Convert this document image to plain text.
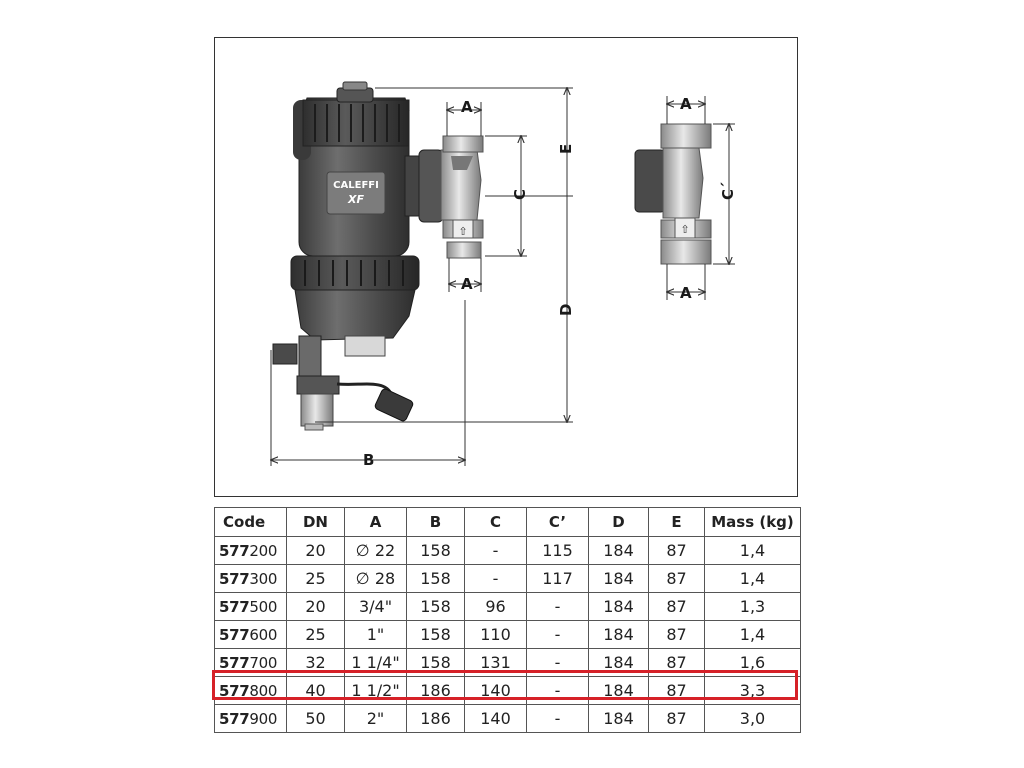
CALEFFI
XF
⇧	⇧
A
A
A
A
B
C	C´
D
E
Code	DN	A	B	C	C’	D	E	Mass (kg)
577200	20	∅ 22	158	-	115	184	87	1,4
577300	25	∅ 28	158	-	117	184	87	1,4
577500	20	3/4"	158	96	-	184	87	1,3
577600	25	1"	158	110	-	184	87	1,4
577700	32	1 1/4"	158	131	-	184	87	1,6
577800	40	1 1/2"	186	140	-	184	87	3,3
577900	50	2"	186	140	-	184	87	3,0
